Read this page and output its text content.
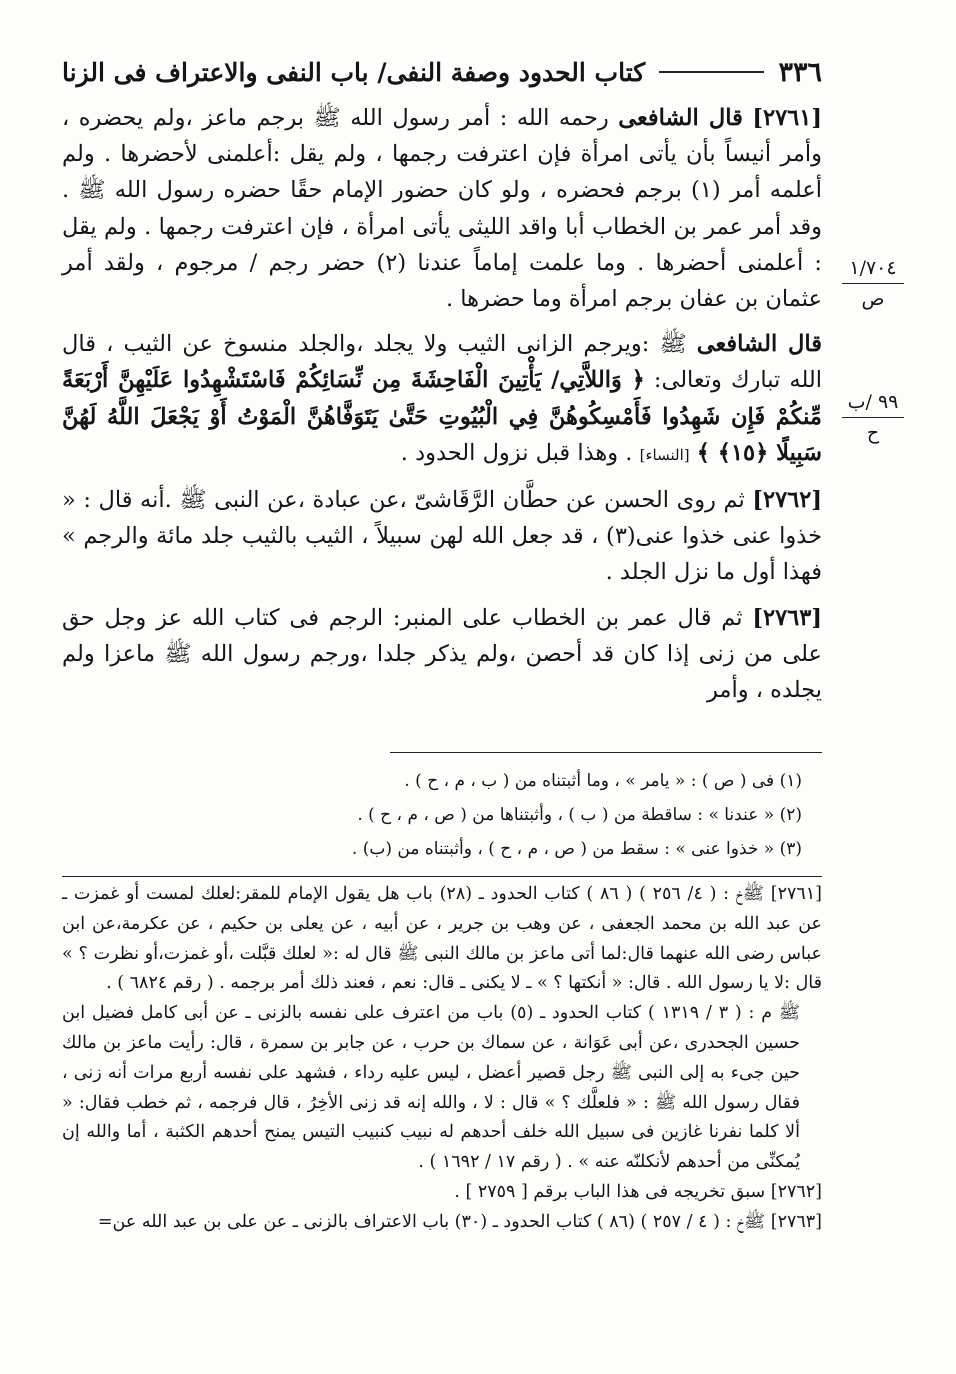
٣٣٦
كتاب الحدود وصفة النفى/ باب النفى والاعتراف فى الزنا
١/٧٠٤
ص
٩٩ /ب
ح

[٢٧٦١] قال الشافعى رحمه الله : أمر رسول الله ﷺ برجم ماعز ،ولم يحضره ، وأمر أنيساً بأن يأتى امرأة فإن اعترفت رجمها ، ولم يقل :أعلمنى لأحضرها . ولم أعلمه أمر (١) برجم فحضره ، ولو كان حضور الإمام حقًا حضره رسول الله ﷺ . وقد أمر عمر بن الخطاب أبا واقد الليثى يأتى امرأة ، فإن اعترفت رجمها . ولم يقل : أعلمنى أحضرها . وما علمت إماماً عندنا (٢) حضر رجم / مرجوم ، ولقد أمر عثمان بن عفان برجم امرأة وما حضرها .

قال الشافعى ﷺ :ويرجم الزانى الثيب ولا يجلد ،والجلد منسوخ عن الثيب ، قال الله تبارك وتعالى: ﴿ وَاللاَّتِي/ يَأْتِينَ الْفَاحِشَةَ مِن نِّسَائِكُمْ فَاسْتَشْهِدُوا عَلَيْهِنَّ أَرْبَعَةً مِّنكُمْ فَإِن شَهِدُوا فَأَمْسِكُوهُنَّ فِي الْبُيُوتِ حَتَّىٰ يَتَوَفَّاهُنَّ الْمَوْتُ أَوْ يَجْعَلَ اللَّهُ لَهُنَّ سَبِيلًا ﴿١٥﴾ ﴾ [النساء] . وهذا قبل نزول الحدود .

[٢٧٦٢] ثم روى الحسن عن حطَّان الرَّقَاشىّ ،عن عبادة ،عن النبى ﷺ .أنه قال : « خذوا عنى خذوا عنى(٣) ، قد جعل الله لهن سبيلاً ، الثيب بالثيب جلد مائة والرجم » فهذا أول ما نزل الجلد .

[٢٧٦٣] ثم قال عمر بن الخطاب على المنبر: الرجم فى كتاب الله عز وجل حق على من زنى إذا كان قد أحصن ،ولم يذكر جلدا ،ورجم رسول الله ﷺ ماعزا ولم يجلده ، وأمر

(١) فى ( ص ) : « يامر » ، وما أثبتناه من ( ب ، م ، ح ) .
(٢) « عندنا » : ساقطة من ( ب ) ، وأثبتناها من ( ص ، م ، ح ) .
(٣) « خذوا عنى » : سقط من ( ص ، م ، ح ) ، وأثبتناه من (ب) .

[٢٧٦١] ﷺخ : ( ٤/ ٢٥٦ ) ( ٨٦ ) كتاب الحدود ـ (٢٨) باب هل يقول الإمام للمقر:لعلك لمست أو غمزت ـ عن عبد الله بن محمد الجعفى ، عن وهب بن جرير ، عن أبيه ، عن يعلى بن حكيم ، عن عكرمة،عن ابن عباس رضى الله عنهما قال:لما أتى ماعز بن مالك النبى ﷺ قال له :« لعلك قبَّلت ،أو غمزت،أو نظرت ؟ » قال :لا يا رسول الله . قال: « أنكتها ؟ » ـ لا يكنى ـ قال: نعم ، فعند ذلك أمر برجمه . ( رقم ٦٨٢٤ ) .

ﷺ م : ( ٣ / ١٣١٩ ) كتاب الحدود ـ (٥) باب من اعترف على نفسه بالزنى ـ عن أبى كامل فضيل ابن حسين الجحدرى ،عن أبى عَوَانة ، عن سماك بن حرب ، عن جابر بن سمرة ، قال: رأيت ماعز بن مالك حين جىء به إلى النبى ﷺ رجل قصير أعضل ، ليس عليه رداء ، فشهد على نفسه أربع مرات أنه زنى ، فقال رسول الله ﷺ : « فلعلَّك ؟ » قال : لا ، والله إنه قد زنى الأخِرُ ، قال فرجمه ، ثم خطب فقال: « ألا كلما نفرنا غازين فى سبيل الله خلف أحدهم له نبيب كنبيب التيس يمنح أحدهم الكثبة ، أما والله إن يُمكنِّى من أحدهم لأنكلنّه عنه » . ( رقم ١٧ / ١٦٩٢ ) .

[٢٧٦٢] سبق تخريجه فى هذا الباب برقم [ ٢٧٥٩ ] .

[٢٧٦٣] ﷺخ : ( ٤ / ٢٥٧ ) (٨٦ ) كتاب الحدود ـ (٣٠) باب الاعتراف بالزنى ـ عن على بن عبد الله عن=
